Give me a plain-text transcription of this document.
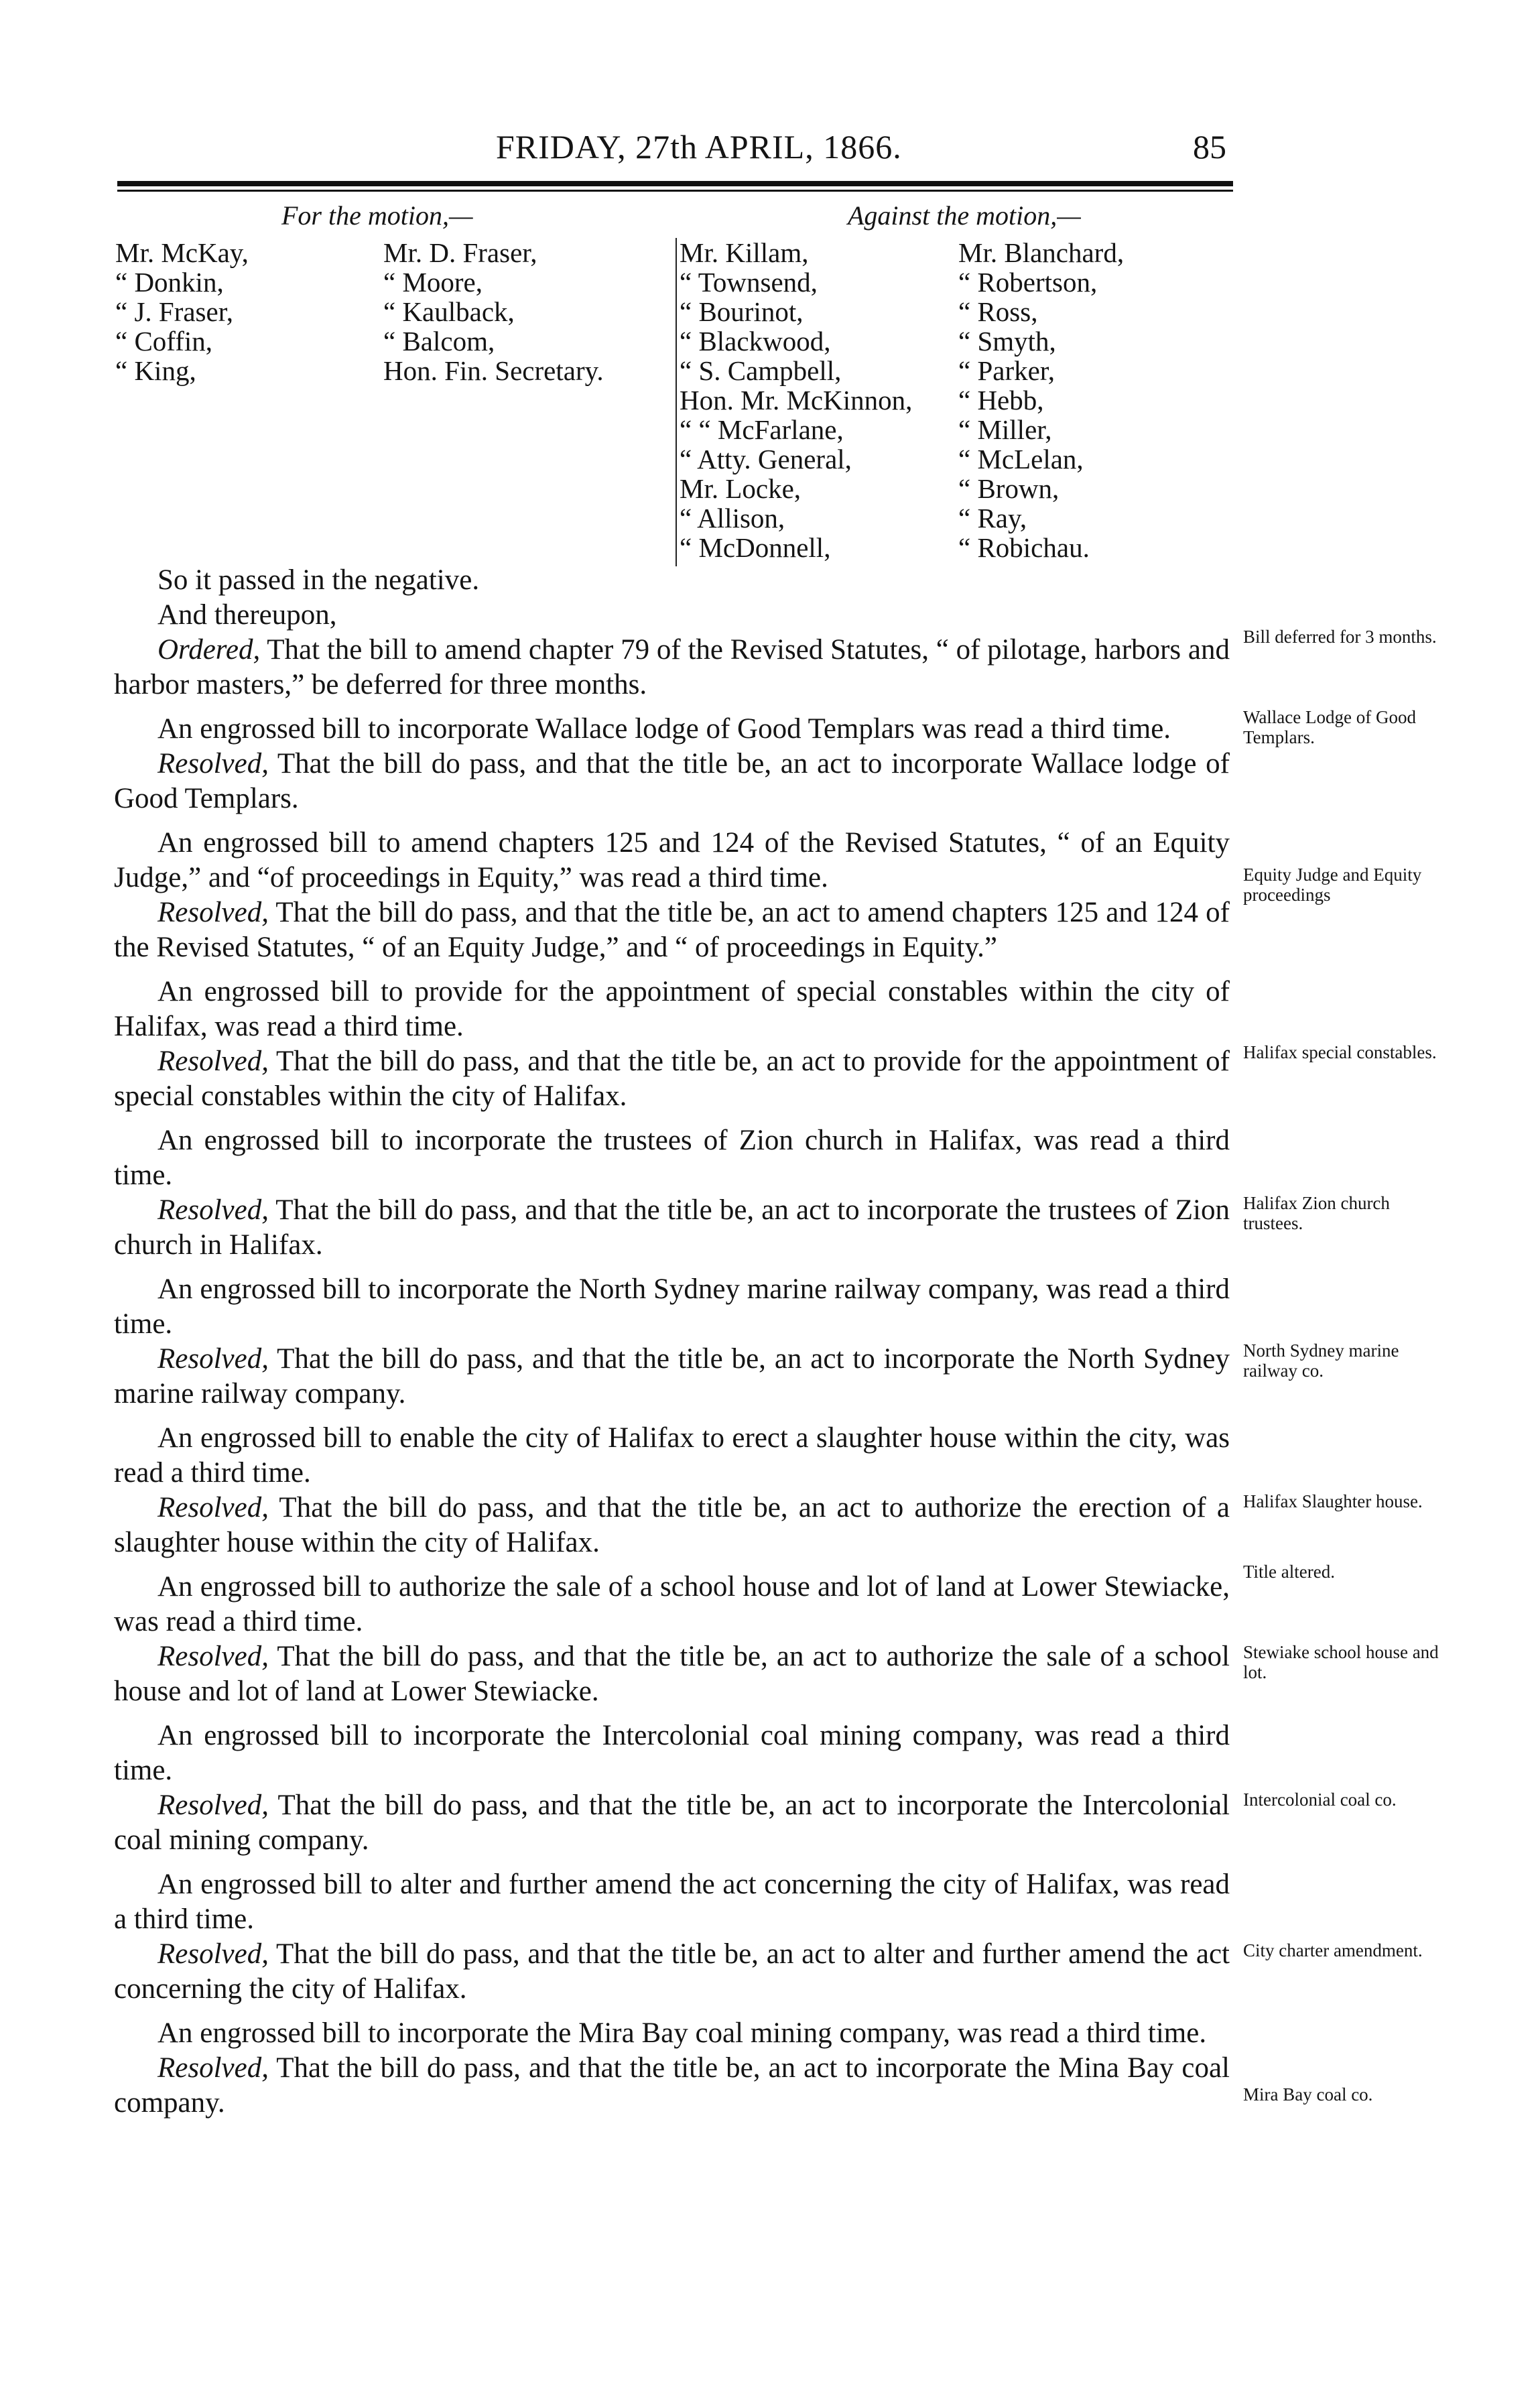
FRIDAY, 27th APRIL, 1866.	85
For the motion,—	Against the motion,—
Mr. McKay,
“ Donkin,
“ J. Fraser,
“ Coffin,
“ King,
Mr. D. Fraser,
“ Moore,
“ Kaulback,
“ Balcom,
Hon. Fin. Secretary.
Mr. Killam,
“ Townsend,
“ Bourinot,
“ Blackwood,
“ S. Campbell,
Hon. Mr. McKinnon,
“ “ McFarlane,
“ Atty. General,
Mr. Locke,
“ Allison,
“ McDonnell,
Mr. Blanchard,
“ Robertson,
“ Ross,
“ Smyth,
“ Parker,
“ Hebb,
“ Miller,
“ McLelan,
“ Brown,
“ Ray,
“ Robichau.

So it passed in the negative.

And thereupon,

Ordered, That the bill to amend chapter 79 of the Revised Statutes, “ of pilotage, harbors and harbor masters,” be deferred for three months.

An engrossed bill to incorporate Wallace lodge of Good Templars was read a third time.

Resolved, That the bill do pass, and that the title be, an act to incorporate Wallace lodge of Good Templars.

An engrossed bill to amend chapters 125 and 124 of the Revised Statutes, “ of an Equity Judge,” and “of proceedings in Equity,” was read a third time.

Resolved, That the bill do pass, and that the title be, an act to amend chapters 125 and 124 of the Revised Statutes, “ of an Equity Judge,” and “ of proceedings in Equity.”

An engrossed bill to provide for the appointment of special constables within the city of Halifax, was read a third time.

Resolved, That the bill do pass, and that the title be, an act to provide for the appointment of special constables within the city of Halifax.

An engrossed bill to incorporate the trustees of Zion church in Halifax, was read a third time.

Resolved, That the bill do pass, and that the title be, an act to incorporate the trustees of Zion church in Halifax.

An engrossed bill to incorporate the North Sydney marine railway company, was read a third time.

Resolved, That the bill do pass, and that the title be, an act to incorporate the North Sydney marine railway company.

An engrossed bill to enable the city of Halifax to erect a slaughter house within the city, was read a third time.

Resolved, That the bill do pass, and that the title be, an act to authorize the erection of a slaughter house within the city of Halifax.

An engrossed bill to authorize the sale of a school house and lot of land at Lower Stewiacke, was read a third time.

Resolved, That the bill do pass, and that the title be, an act to authorize the sale of a school house and lot of land at Lower Stewiacke.

An engrossed bill to incorporate the Intercolonial coal mining company, was read a third time.

Resolved, That the bill do pass, and that the title be, an act to incorporate the Intercolonial coal mining company.

An engrossed bill to alter and further amend the act concerning the city of Halifax, was read a third time.

Resolved, That the bill do pass, and that the title be, an act to alter and further amend the act concerning the city of Halifax.

An engrossed bill to incorporate the Mira Bay coal mining company, was read a third time.

Resolved, That the bill do pass, and that the title be, an act to incorporate the Mina Bay coal company.

Bill deferred for 3 months.
Wallace Lodge of Good Templars.
Equity Judge and Equity proceedings
Halifax special constables.
Halifax Zion church trustees.
North Sydney marine railway co.
Halifax Slaughter house.
Title altered.
Stewiake school house and lot.
Intercolonial coal co.
City charter amendment.
Mira Bay coal co.
